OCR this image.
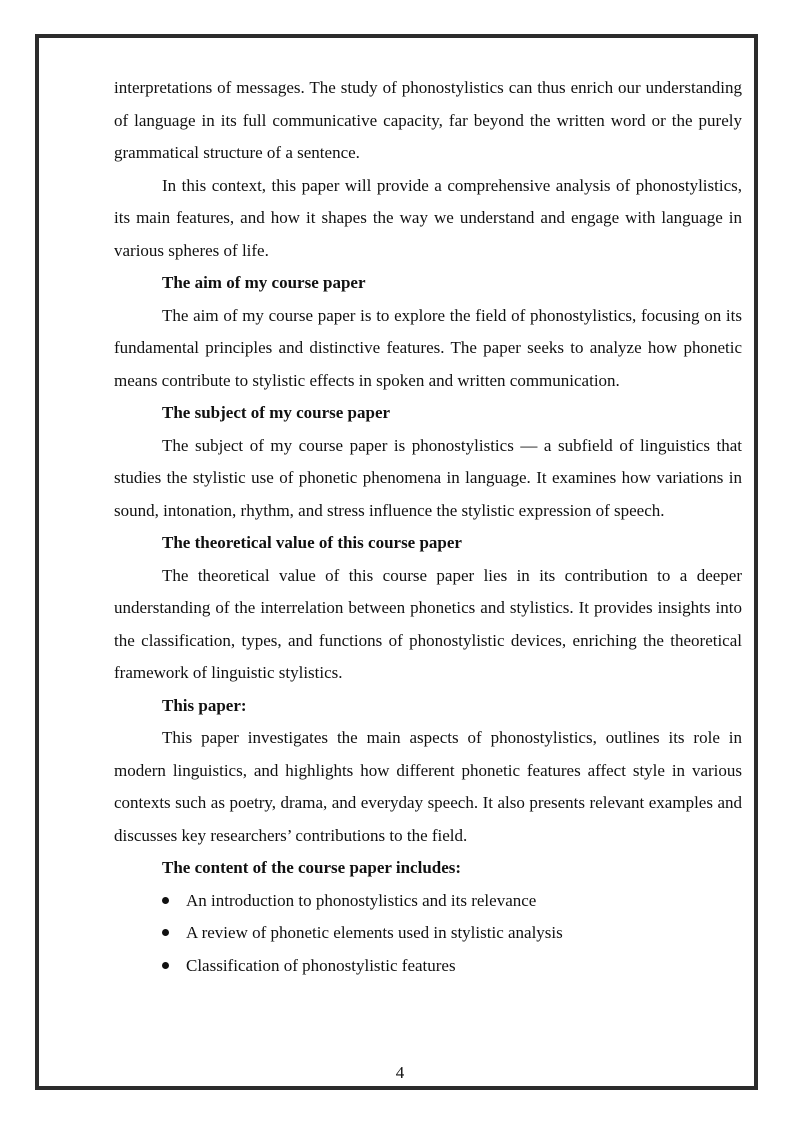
interpretations of messages. The study of phonostylistics can thus enrich our understanding of language in its full communicative capacity, far beyond the written word or the purely grammatical structure of a sentence.

In this context, this paper will provide a comprehensive analysis of phonostylistics, its main features, and how it shapes the way we understand and engage with language in various spheres of life.

The aim of my course paper

The aim of my course paper is to explore the field of phonostylistics, focusing on its fundamental principles and distinctive features. The paper seeks to analyze how phonetic means contribute to stylistic effects in spoken and written communication.

The subject of my course paper

The subject of my course paper is phonostylistics — a subfield of linguistics that studies the stylistic use of phonetic phenomena in language. It examines how variations in sound, intonation, rhythm, and stress influence the stylistic expression of speech.

The theoretical value of this course paper

The theoretical value of this course paper lies in its contribution to a deeper understanding of the interrelation between phonetics and stylistics. It provides insights into the classification, types, and functions of phonostylistic devices, enriching the theoretical framework of linguistic stylistics.

This paper:

This paper investigates the main aspects of phonostylistics, outlines its role in modern linguistics, and highlights how different phonetic features affect style in various contexts such as poetry, drama, and everyday speech. It also presents relevant examples and discusses key researchers’ contributions to the field.

The content of the course paper includes:

An introduction to phonostylistics and its relevance
A review of phonetic elements used in stylistic analysis
Classification of phonostylistic features
4
